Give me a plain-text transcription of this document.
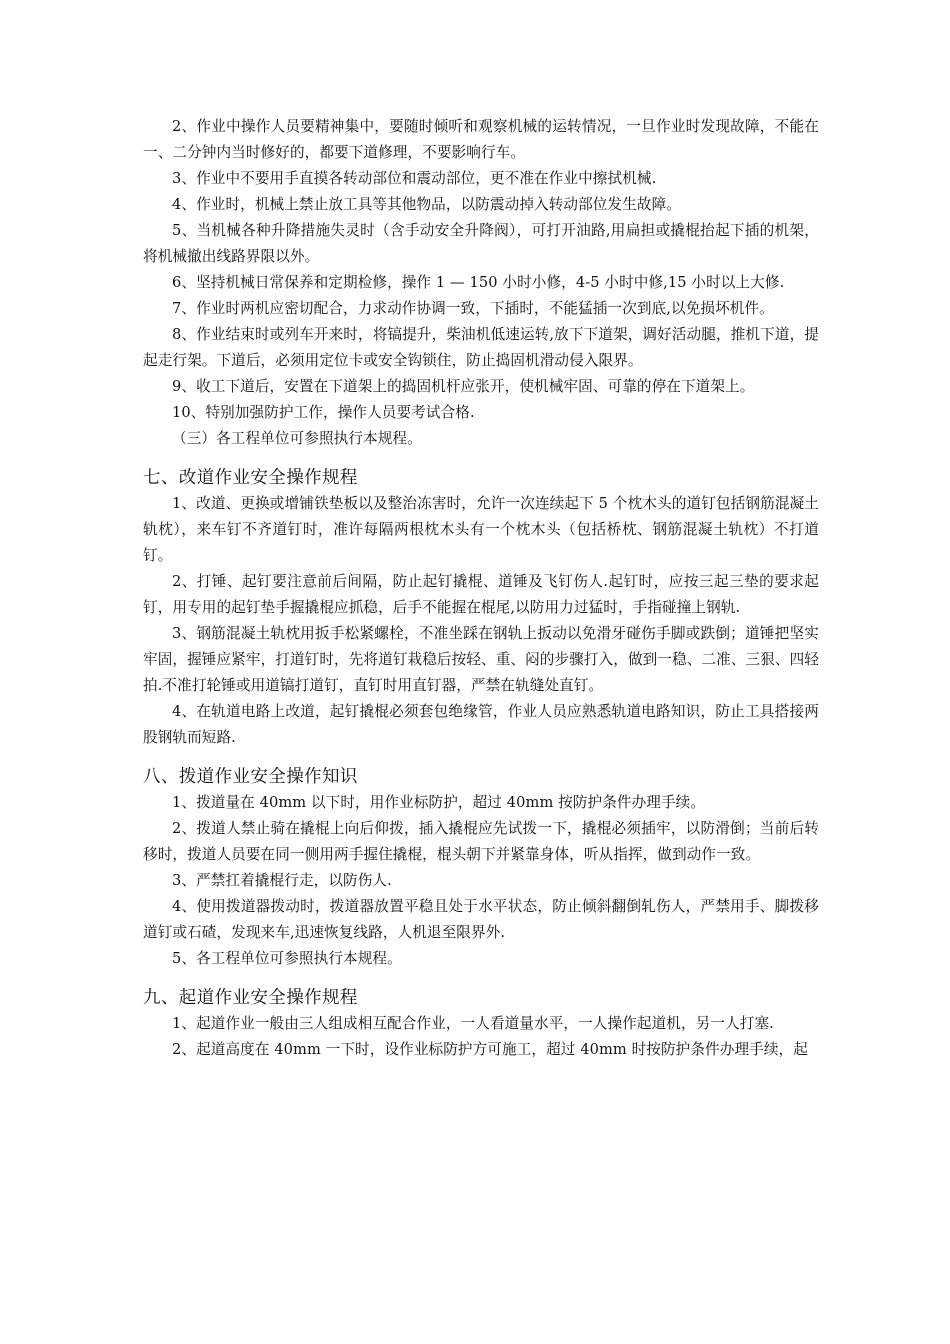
2、作业中操作人员要精神集中，要随时倾听和观察机械的运转情况，一旦作业时发现故障，不能在一、二分钟内当时修好的，都要下道修理，不要影响行车。

3、作业中不要用手直摸各转动部位和震动部位，更不准在作业中擦拭机械.

4、作业时，机械上禁止放工具等其他物品，以防震动掉入转动部位发生故障。

5、当机械各种升降措施失灵时（含手动安全升降阀），可打开油路,用扁担或撬棍抬起下插的机架，将机械撤出线路界限以外。

6、坚持机械日常保养和定期检修，操作 1 — 150 小时小修，4-5 小时中修,15 小时以上大修.

7、作业时两机应密切配合，力求动作协调一致，下插时，不能猛插一次到底,以免损坏机件。

8、作业结束时或列车开来时，将镐提升，柴油机低速运转,放下下道架，调好活动腿，推机下道，提起走行架。下道后，必须用定位卡或安全钩锁住，防止捣固机滑动侵入限界。

9、收工下道后，安置在下道架上的捣固机杆应张开，使机械牢固、可靠的停在下道架上。

10、特别加强防护工作，操作人员要考试合格.

（三）各工程单位可参照执行本规程。

七、改道作业安全操作规程

1、改道、更换或增铺铁垫板以及整治冻害时，允许一次连续起下 5 个枕木头的道钉包括钢筋混凝土轨枕），来车钉不齐道钉时，准许每隔两根枕木头有一个枕木头（包括桥枕、钢筋混凝土轨枕）不打道钉。

2、打锤、起钉要注意前后间隔，防止起钉撬棍、道锤及飞钉伤人.起钉时，应按三起三垫的要求起钉，用专用的起钉垫手握撬棍应抓稳，后手不能握在棍尾,以防用力过猛时，手指碰撞上钢轨.

3、钢筋混凝土轨枕用扳手松紧螺栓，不准坐踩在钢轨上扳动以免滑牙碰伤手脚或跌倒；道锤把坚实牢固，握锤应紧牢，打道钉时，先将道钉栽稳后按轻、重、闷的步骤打入，做到一稳、二准、三狠、四轻拍.不准打轮锤或用道镐打道钉，直钉时用直钉器，严禁在轨缝处直钉。

4、在轨道电路上改道，起钉撬棍必须套包绝缘管，作业人员应熟悉轨道电路知识，防止工具搭接两股钢轨而短路.

八、拨道作业安全操作知识

1、拨道量在 40mm 以下时，用作业标防护，超过 40mm 按防护条件办理手续。

2、拨道人禁止骑在撬棍上向后仰拨，插入撬棍应先试拨一下，撬棍必须插牢，以防滑倒；当前后转移时，拨道人员要在同一侧用两手握住撬棍，棍头朝下并紧靠身体，听从指挥，做到动作一致。

3、严禁扛着撬棍行走，以防伤人.

4、使用拨道器拨动时，拨道器放置平稳且处于水平状态，防止倾斜翻倒轧伤人，严禁用手、脚拨移道钉或石碴，发现来车,迅速恢复线路，人机退至限界外.

5、各工程单位可参照执行本规程。

九、起道作业安全操作规程

1、起道作业一般由三人组成相互配合作业，一人看道量水平，一人操作起道机，另一人打塞.

2、起道高度在 40mm 一下时，设作业标防护方可施工，超过 40mm 时按防护条件办理手续，起
